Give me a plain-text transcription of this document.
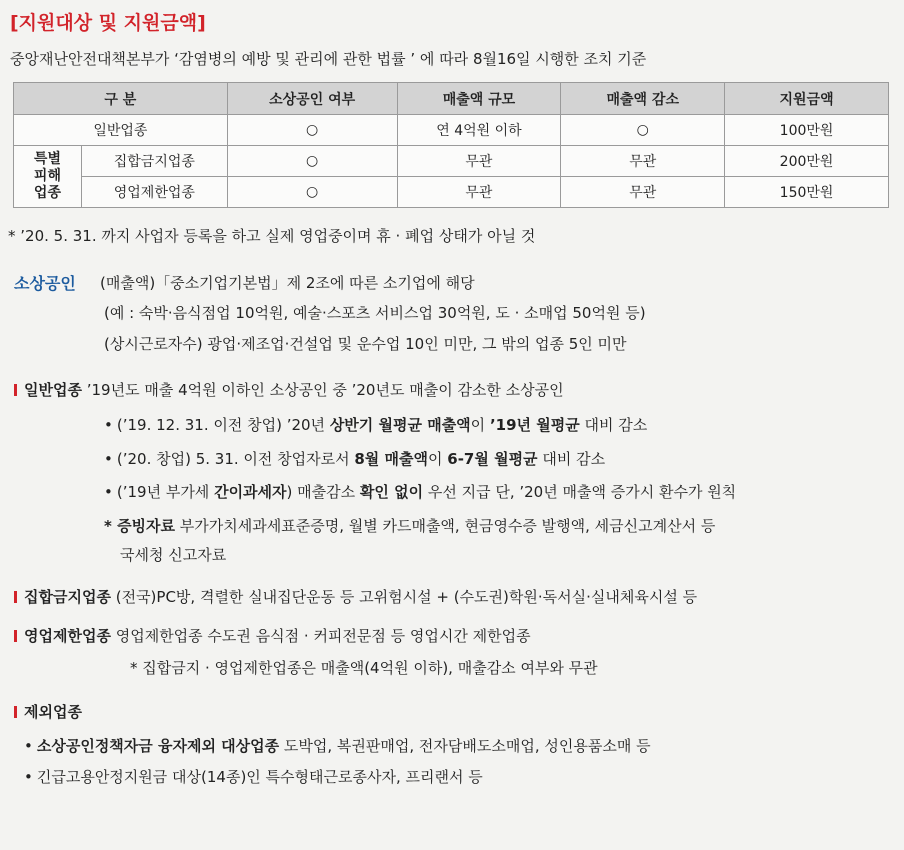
[지원대상 및 지원금액]
중앙재난안전대책본부가 ‘감염병의 예방 및 관리에 관한 법률 ’ 에 따라 8월16일 시행한 조치 기준
구 분		소상공인 여부	매출액 규모	매출액 감소	지원금액
일반업종		○	연 4억원 이하	○	100만원
특별
피해
업종	집합금지업종	○	무관	무관	200만원
	영업제한업종	○	무관	무관	150만원
* ’20. 5. 31. 까지 사업자 등록을 하고 실제 영업중이며 휴 · 폐업 상태가 아닐 것
소상공인 (매출액)「중소기업기본법」제 2조에 따른 소기업에 해당
(예 : 숙박·음식점업 10억원, 예술·스포츠 서비스업 30억원, 도 · 소매업 50억원 등)
(상시근로자수) 광업·제조업·건설업 및 운수업 10인 미만, 그 밖의 업종 5인 미만
일반업종 ’19년도 매출 4억원 이하인 소상공인 중 ’20년도 매출이 감소한 소상공인
• (’19. 12. 31. 이전 창업) ’20년 상반기 월평균 매출액이 ’19년 월평균 대비 감소
• (’20. 창업) 5. 31. 이전 창업자로서 8월 매출액이 6-7월 월평균 대비 감소
• (’19년 부가세 간이과세자) 매출감소 확인 없이 우선 지급 단, ’20년 매출액 증가시 환수가 원칙
* 증빙자료 부가가치세과세표준증명, 월별 카드매출액, 현금영수증 발행액, 세금신고계산서 등
국세청 신고자료
집합금지업종 (전국)PC방, 격렬한 실내집단운동 등 고위험시설 + (수도권)학원·독서실·실내체육시설 등
영업제한업종 영업제한업종 수도권 음식점 · 커피전문점 등 영업시간 제한업종
* 집합금지 · 영업제한업종은 매출액(4억원 이하), 매출감소 여부와 무관
제외업종
• 소상공인정책자금 융자제외 대상업종 도박업, 복권판매업, 전자담배도소매업, 성인용품소매 등
• 긴급고용안정지원금 대상(14종)인 특수형태근로종사자, 프리랜서 등
